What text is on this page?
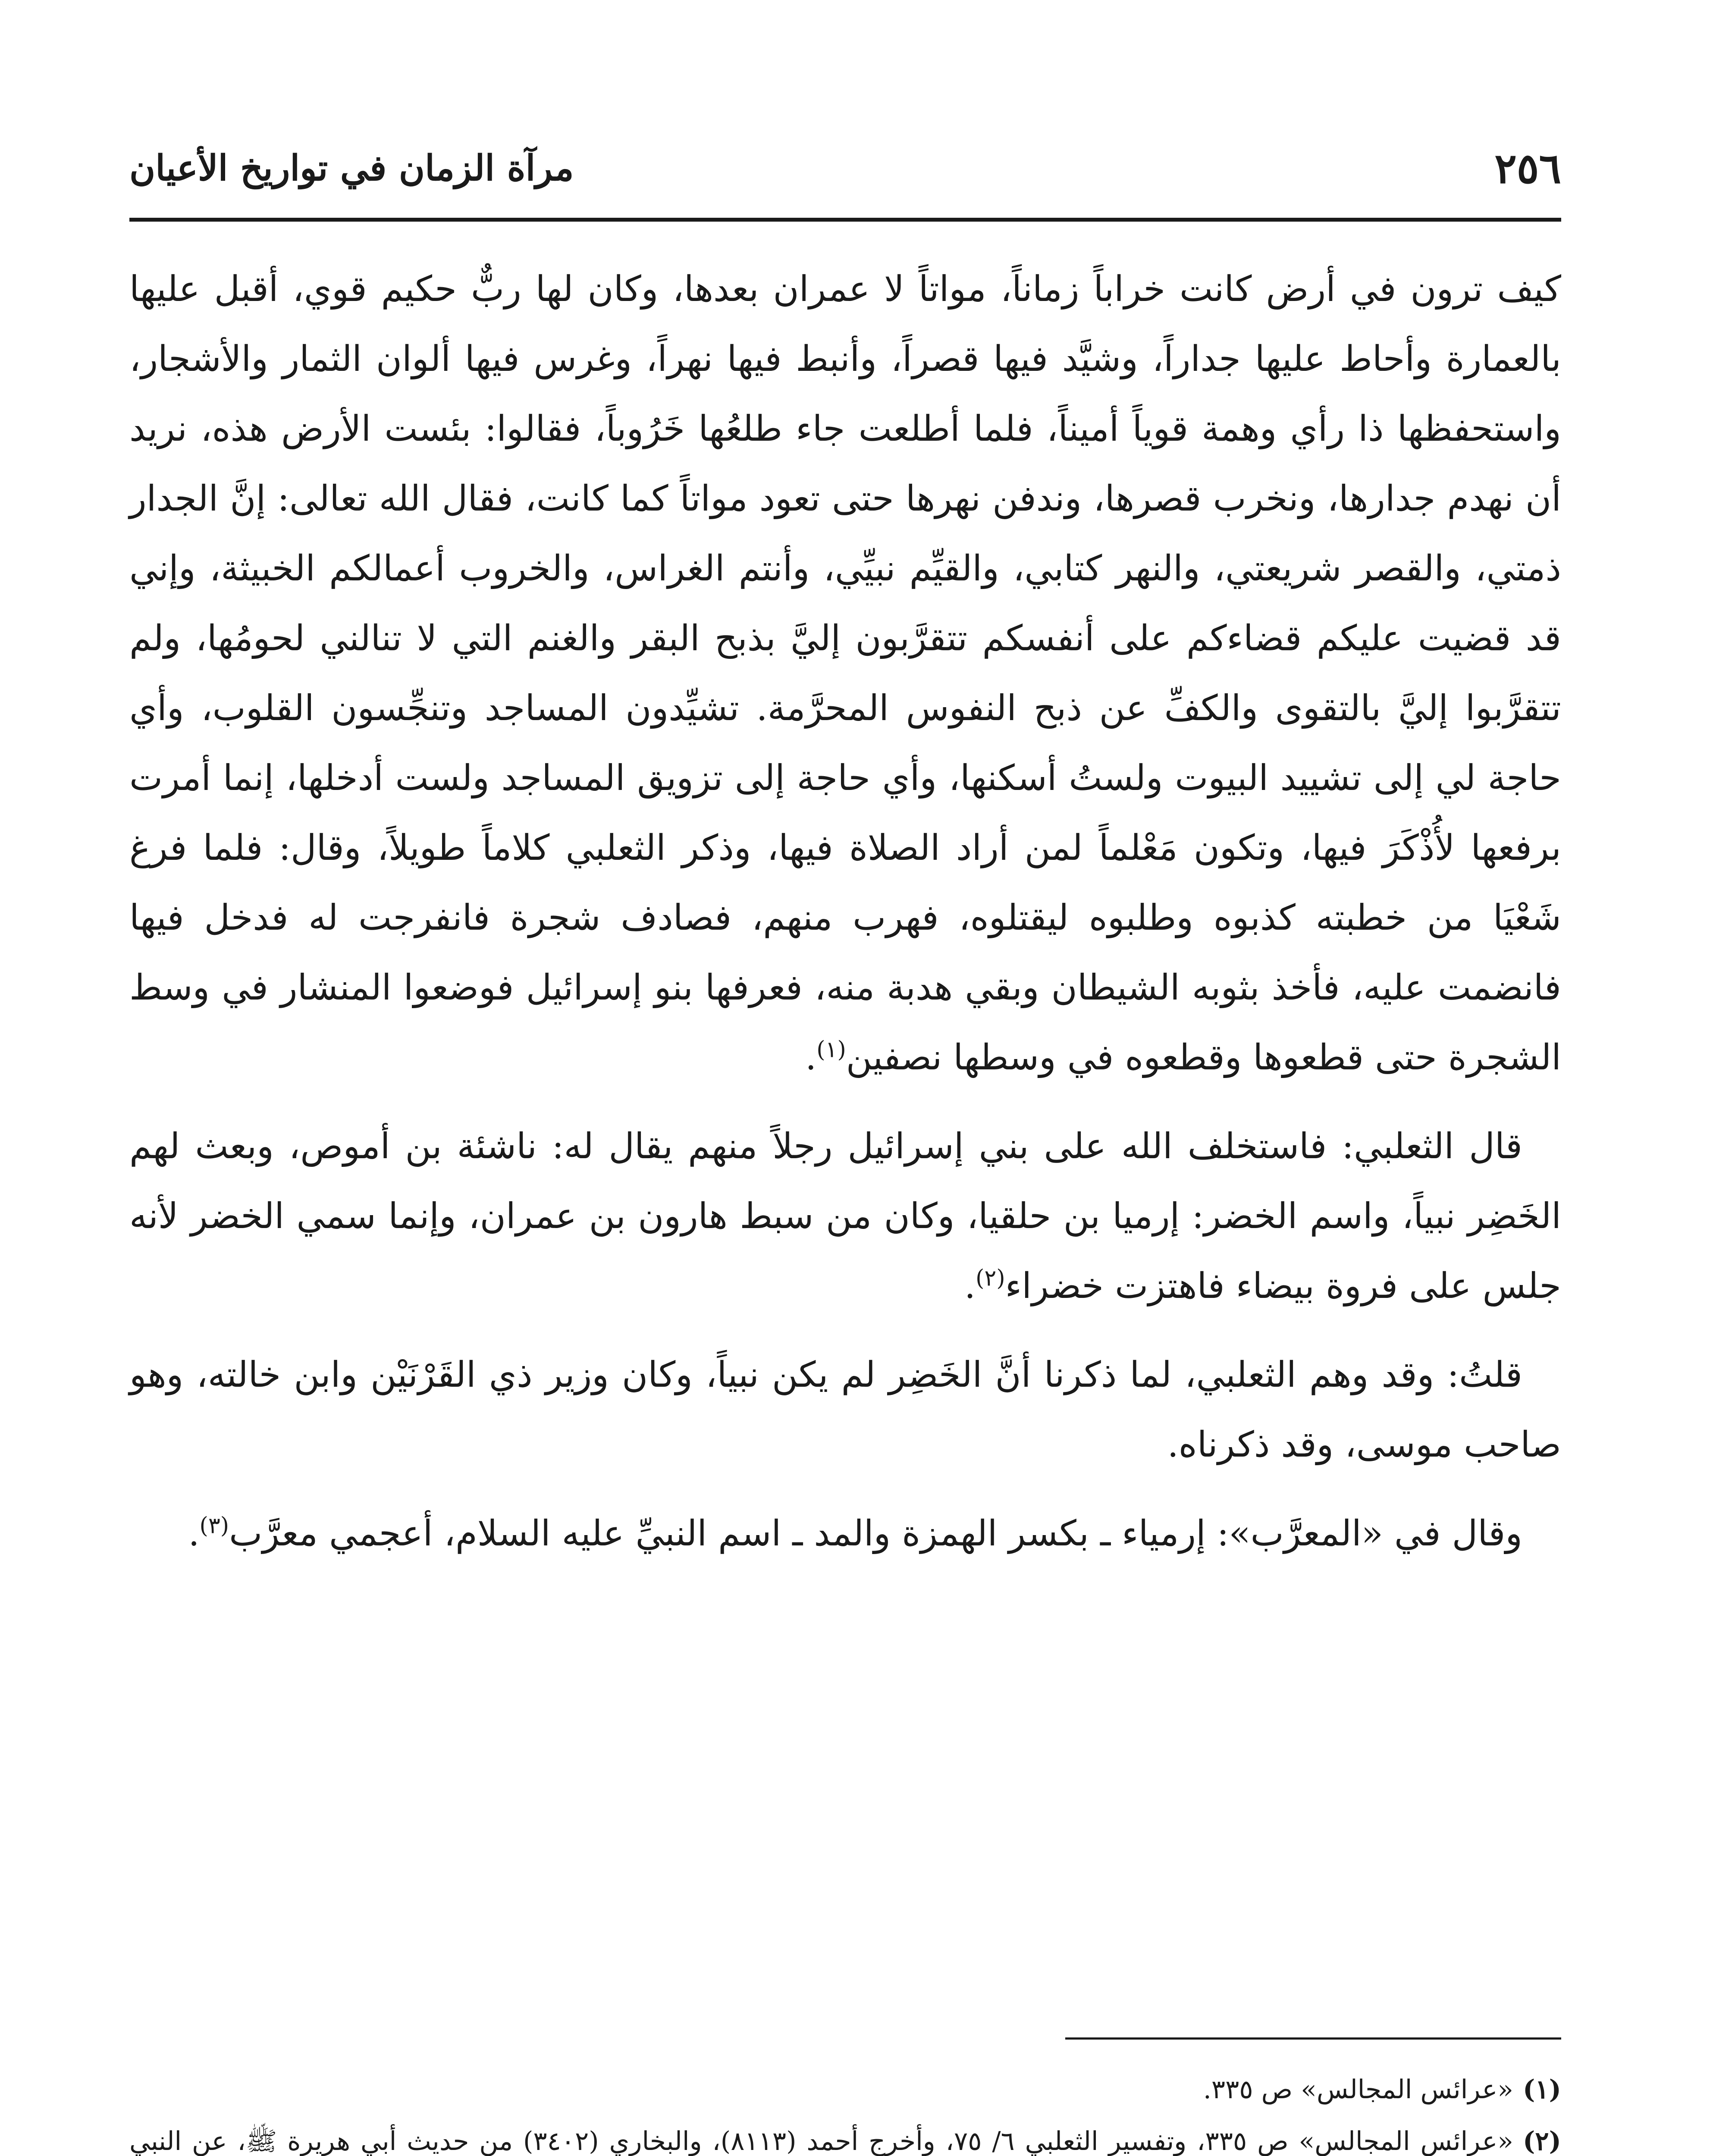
٢٥٦
مرآة الزمان في تواريخ الأعيان

كيف ترون في أرض كانت خراباً زماناً، مواتاً لا عمران بعدها، وكان لها ربٌّ حكيم قوي، أقبل عليها بالعمارة وأحاط عليها جداراً، وشيَّد فيها قصراً، وأنبط فيها نهراً، وغرس فيها ألوان الثمار والأشجار، واستحفظها ذا رأي وهمة قوياً أميناً، فلما أطلعت جاء طلعُها خَرُوباً، فقالوا: بئست الأرض هذه، نريد أن نهدم جدارها، ونخرب قصرها، وندفن نهرها حتى تعود مواتاً كما كانت، فقال الله تعالى: إنَّ الجدار ذمتي، والقصر شريعتي، والنهر كتابي، والقيِّم نبيِّي، وأنتم الغراس، والخروب أعمالكم الخبيثة، وإني قد قضيت عليكم قضاءكم على أنفسكم تتقرَّبون إليَّ بذبح البقر والغنم التي لا تنالني لحومُها، ولم تتقرَّبوا إليَّ بالتقوى والكفِّ عن ذبح النفوس المحرَّمة. تشيِّدون المساجد وتنجِّسون القلوب، وأي حاجة لي إلى تشييد البيوت ولستُ أسكنها، وأي حاجة إلى تزويق المساجد ولست أدخلها، إنما أمرت برفعها لأُذْكَرَ فيها، وتكون مَعْلماً لمن أراد الصلاة فيها، وذكر الثعلبي كلاماً طويلاً، وقال: فلما فرغ شَعْيَا من خطبته كذبوه وطلبوه ليقتلوه، فهرب منهم، فصادف شجرة فانفرجت له فدخل فيها فانضمت عليه، فأخذ بثوبه الشيطان وبقي هدبة منه، فعرفها بنو إسرائيل فوضعوا المنشار في وسط الشجرة حتى قطعوها وقطعوه في وسطها نصفين$^{(١)}$.

قال الثعلبي: فاستخلف الله على بني إسرائيل رجلاً منهم يقال له: ناشئة بن أموص، وبعث لهم الخَضِر نبياً، واسم الخضر: إرميا بن حلقيا، وكان من سبط هارون بن عمران، وإنما سمي الخضر لأنه جلس على فروة بيضاء فاهتزت خضراء$^{(٢)}$.

قلتُ: وقد وهم الثعلبي، لما ذكرنا أنَّ الخَضِر لم يكن نبياً، وكان وزير ذي القَرْنَيْن وابن خالته، وهو صاحب موسى، وقد ذكرناه.

وقال في «المعرَّب»: إرمياء ـ بكسر الهمزة والمد ـ اسم النبيِّ عليه السلام، أعجمي معرَّب$^{(٣)}$.

(١)«عرائس المجالس» ص ٣٣٥.

(٢)«عرائس المجالس» ص ٣٣٥، وتفسير الثعلبي ٦/ ٧٥، وأخرج أحمد (٨١١٣)، والبخاري (٣٤٠٢) من حديث أبي هريرة ﷺ، عن النبي
